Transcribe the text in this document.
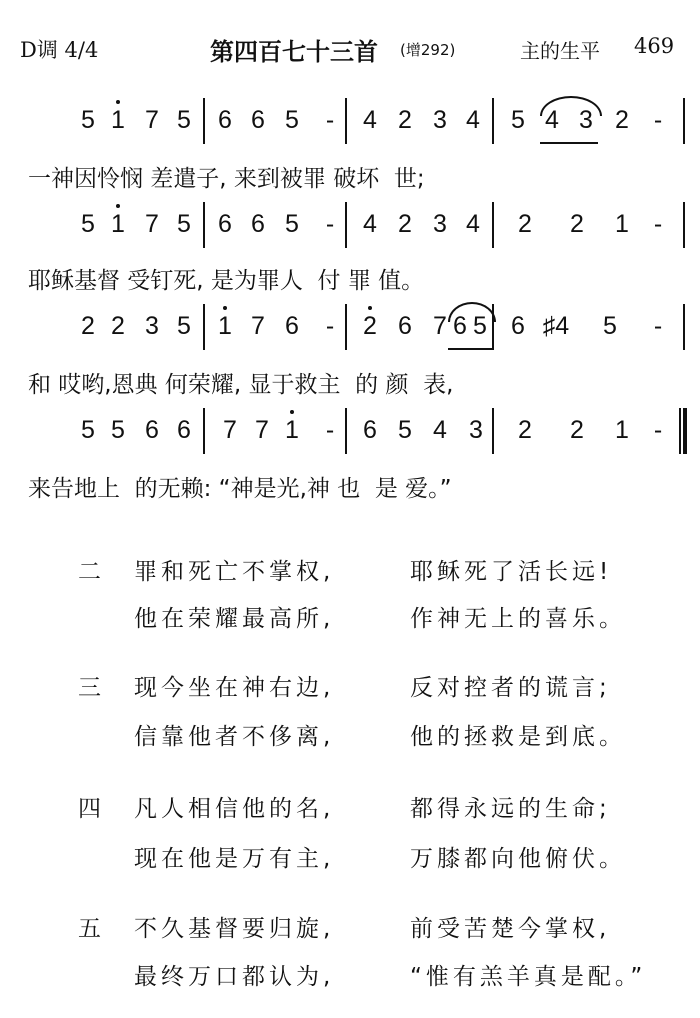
D调 4/4	第四百七十三首 (增292)	主的生平 469
5 1 7 5 6 6 5 - 4 2 3 4 5 4 3 2 -
5 1 7 5 6 6 5 - 4 2 3 4 2 2 1 -
2 2 3 5 1 7 6 - 2 6 7 6 5 6 ♯4 5 -
5 5 6 6 7 7 1 - 6 5 4 3 2 2 1 -
一神因怜悯 差遣子, 来到被罪 破坏  世;
耶稣基督 受钉死, 是为罪人  付 罪 值。
和 哎哟,恩典 何荣耀, 显于救主  的 颜  表,
来告地上  的无赖: “神是光,神 也  是 爱。”
二 罪和死亡不掌权,	耶稣死了活长远!
他在荣耀最高所,	作神无上的喜乐。
三 现今坐在神右边,	反对控者的谎言;
信靠他者不侈离,	他的拯救是到底。
四 凡人相信他的名,	都得永远的生命;
现在他是万有主,	万膝都向他俯伏。
五 不久基督要归旋,	前受苦楚今掌权,
最终万口都认为,	“惟有羔羊真是配。”
